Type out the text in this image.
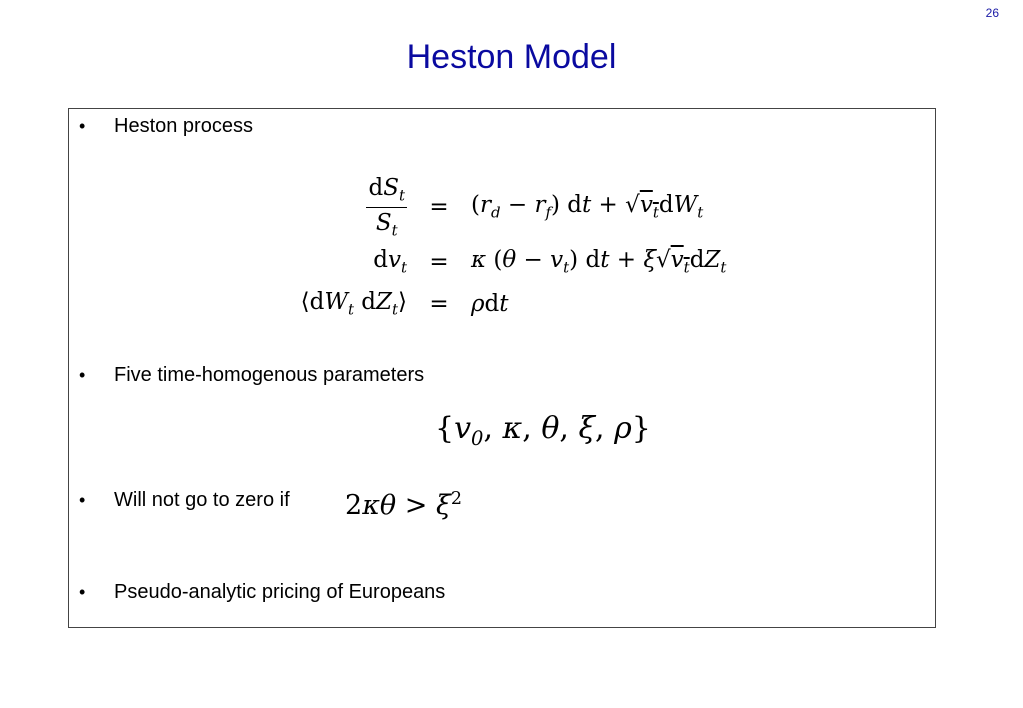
26
Heston Model
•	Heston process
$\frac{dS_t}{S_t} = (r_d - r_f)$ dt + $√v_tdW_t$
$dv_t = \kappa$ $(\theta - v_t)$ dt + $\xi√v_tdZ_t$
$⟨dW_t$ $dZ_t⟩ = \rho dt$
•	Five time-homogenous parameters
{$v_0$, κ, θ, ξ, ρ}
•	Will not go to zero if $2\kappa\theta > \xi^2$
•	Pseudo-analytic pricing of Europeans
